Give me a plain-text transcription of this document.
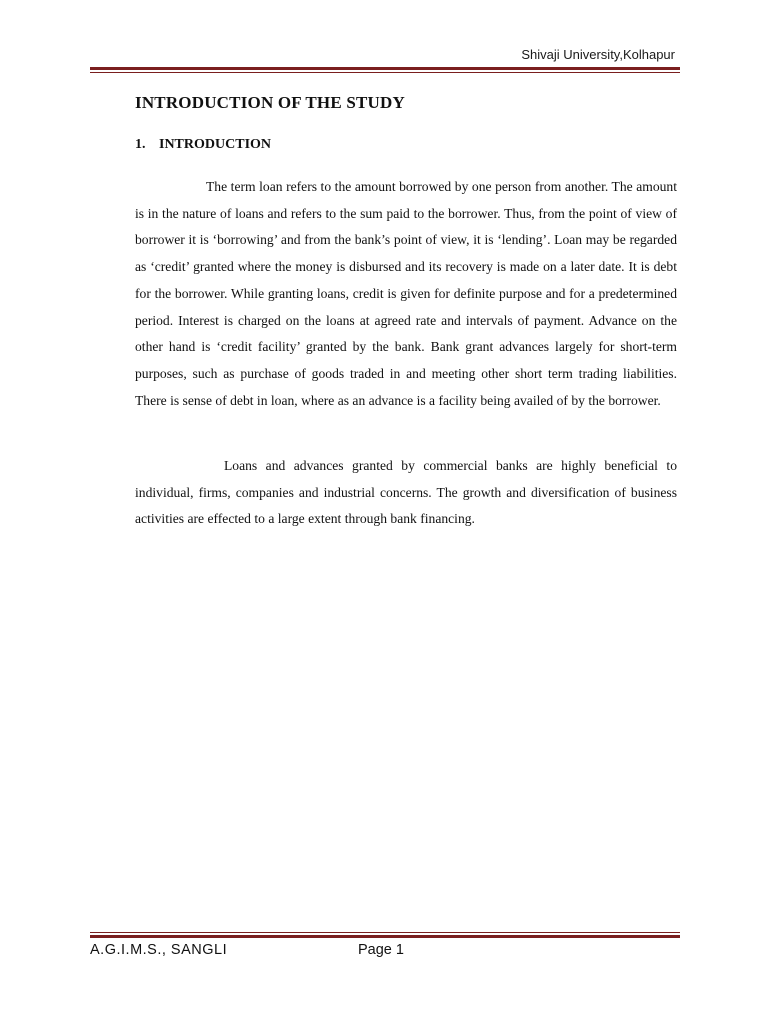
Shivaji University,Kolhapur
INTRODUCTION OF THE STUDY
1. INTRODUCTION

The term loan refers to the amount borrowed by one person from another. The amount is in the nature of loans and refers to the sum paid to the borrower. Thus, from the point of view of borrower it is ‘borrowing’ and from the bank’s point of view, it is ‘lending’. Loan may be regarded as ‘credit’ granted where the money is disbursed and its recovery is made on a later date. It is debt for the borrower. While granting loans, credit is given for definite purpose and for a predetermined period. Interest is charged on the loans at agreed rate and intervals of payment. Advance on the other hand is ‘credit facility’ granted by the bank. Bank grant advances largely for short-term purposes, such as purchase of goods traded in and meeting other short term trading liabilities. There is sense of debt in loan, where as an advance is a facility being availed of by the borrower.

Loans and advances granted by commercial banks are highly beneficial to individual, firms, companies and industrial concerns. The growth and diversification of business activities are effected to a large extent through bank financing.

A.G.I.M.S., SANGLI	Page 1
